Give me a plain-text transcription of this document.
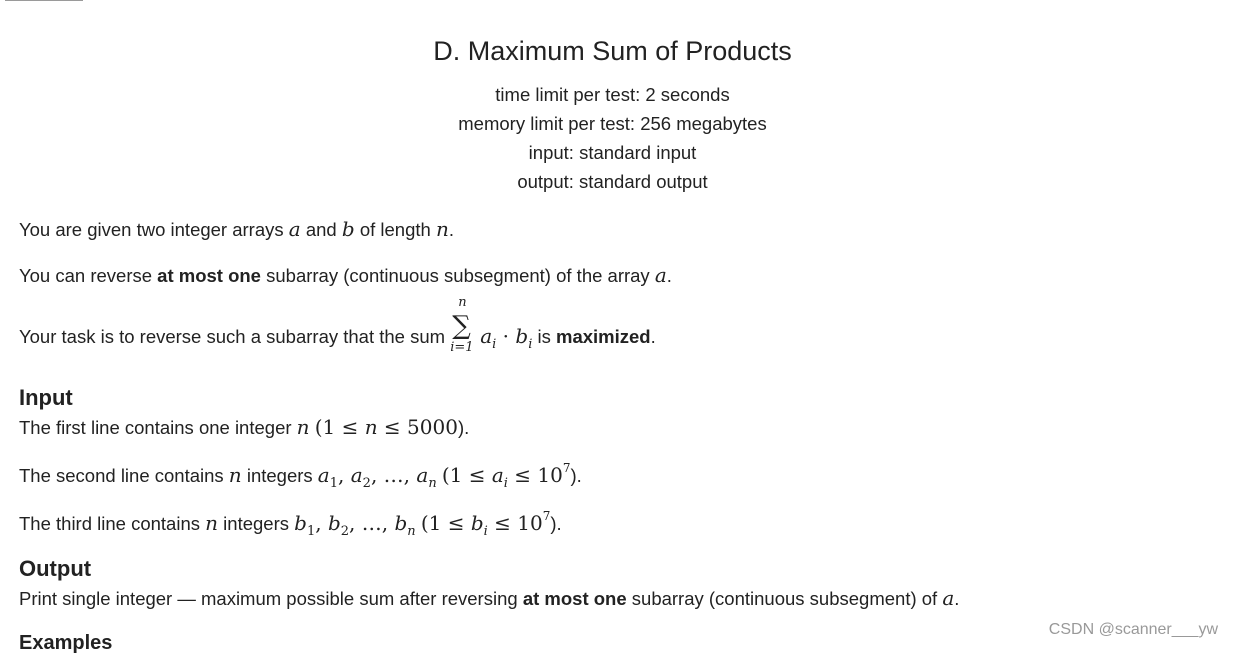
D. Maximum Sum of Products
time limit per test: 2 seconds
memory limit per test: 256 megabytes
input: standard input
output: standard output
You are given two integer arrays a and b of length n.
You can reverse at most one subarray (continuous subsegment) of the array a.
Your task is to reverse such a subarray that the sum
n
∑
i=1 $a_i \cdot b_i$ is maximized.
Input
The first line contains one integer n (1 ≤ n ≤ 5000).
The second line contains n integers $a_1$, $a_2$, …, $a_n$ $(1 \le a_i \le 10^7)$.
The third line contains n integers $b_1$, $b_2$, …, $b_n$ $(1 \le b_i \le 10^7)$.
Output
Print single integer — maximum possible sum after reversing at most one subarray (continuous subsegment) of a.
Examples
CSDN @scanner___yw
